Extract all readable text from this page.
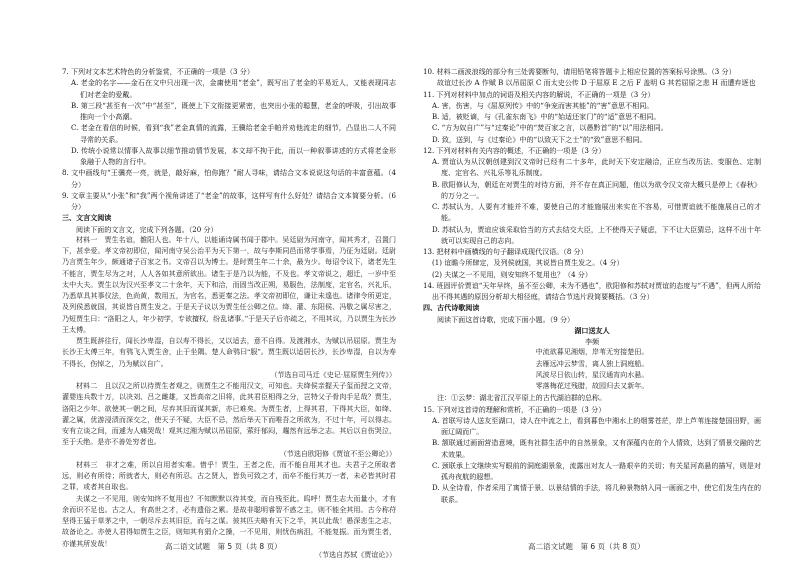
7. 下列对文本艺术特色的分析鉴赏，不正确的一项是（3 分）

A. 老金的名字——金石在文中只出现一次，金庸使用“老金”，既写出了老金的平易近人，又能表现同志们对老金的爱戴。

B. 第三段“甚至有一次”中“甚至”，既使上下文衔接更紧密，也突出小张的聪慧，老金的呼吸，引出故事推向一个小高潮。

C. 老金在看信的时候，看到“我”老金真情的流露，王骥给老金手帕并劝他流走的细节，凸显出二人不同寻常的关系。

D. 传统小说常以情事入故事以细节推动情节发展，本文却不拘于此，而以一种叙事讲述的方式将老金形象融于人物的言行中。

8. 文中画线句“王骥亮一亮，就是，敲好麻，怕你跑？”耐人寻味，请结合文本说说这句话的丰富意蕴。（4 分）

9. 文章主要从“小张”和“我”两个视角讲述了“老金”的故事，这样写有什么好处？请结合文本简要分析。（6 分）

三、文言文阅读

阅读下面的文言文，完成下列各题。（20 分）

材料一　贾生名谊，雒阳人也。年十八，以能诵诗属书闻于郡中。吴廷尉为河南守，闻其秀才，召置门下，甚幸爱。孝文帝初即位，闻河南守吴公治平为天下第一，故与李斯同邑而常学事焉，乃征为廷尉。廷尉乃言贾生年少，颇通诸子百家之书。文帝召以为博士。是时贾生年二十余，最为少。每诏令议下，诸老先生不能言，贾生尽为之对，人人各如其意所欲出。诸生于是乃以为能，不及也。孝文帝说之，超迁，一岁中至太中大夫。贾生以为汉兴至孝文二十余年，天下和洽，而固当改正朔，易服色，法制度，定官名，兴礼乐，乃悉草具其事仪法，色尚黄，数用五，为官名，悉更秦之法。孝文帝初即位，谦让未遑也。诸律令所更定，及列侯悉就国，其说皆自贾生发之。于是天子议以为贾生任公卿之位。绛、灌、东阳侯、冯敬之属尽害之，乃短贾生曰：“洛阳之人，年少初学，专欲擅权，纷乱诸事。”于是天子后亦疏之，不用其议，乃以贾生为长沙王太傅。

贾生既辞往行，闻长沙卑湿，自以寿不得长，又以适去，意不自得。及渡湘水，为赋以吊屈原。贾生为长沙王太傅三年，有鸮飞入贾生舍，止于坐隅。楚人命鸮曰“服”。贾生既以适居长沙，长沙卑湿，自以为寿不得长，伤悼之，乃为赋以自广。

（节选自司马迁《史记·屈原贾生列传》）

材料二　且以汉之所以待贾生者观之，则贾生之不能用汉文，可知也。夫绛侯亲握天子玺而授之文帝，灌婴连兵数十万，以决刘、吕之雌雄，又皆高帝之旧将，此其君臣相得之分，岂特父子骨肉手足哉？贾生，洛阳之少年。欲使其一朝之间，尽弃其旧而谋其新，亦已难矣。为贾生者，上得其君，下得其大臣，如绛、灌之属，优游浸渍而深交之，使天子不疑，大臣不忌，然后举天下而唯吾之所欲为，不过十年，可以得志。安有立谈之间，而遽为人痛哭哉！观其过湘为赋以吊屈原，萦纡郁闷，趯然有远举之志。其后以自伤哭泣，至于夭绝。是亦不善处穷者也。

（节选自欧阳修《贾谊不至公卿论》）

材料三　非才之难，所以自用者实难。惜乎！贾生，王者之佐，而不能自用其才也。夫君子之所取者远，则必有所待；所就者大，则必有所忍。古之贤人，皆负可致之才，而卒不能行其万一者，未必皆其时君之罪，或者其自取也。

夫谋之一不见用，则安知终不复用也？不知默默以待其变，而自残至此。呜呼！贾生志大而量小，才有余而识不足也。古之人，有高世之才，必有遗俗之累。是故非聪明睿智不惑之主，则不能全其用。古今称苻坚得王猛于草茅之中，一朝尽斥去其旧臣，而与之谋。彼其匹夫略有天下之半，其以此哉！愚深悲生之志，故备论之。亦使人君得如贾生之臣，则知其有狷介之操，一不见用，则忧伤病沮，不能复振。而为贾生者，亦谨其所发哉！

（节选自苏轼《贾谊论》）

10. 材料二画波浪线的部分有三处需要断句，请用铅笔将答题卡上相应位置的答案标号涂黑。（3 分）

故谊过长沙 A 作赋 B 以吊屈原 C 而太史公传 D 于屈原 E 之后 F 盖明 G 其若屈原之悲 H 而遭弃逐也

11. 下列对材料中加点的词语及相关内容的解说，不正确的一项是（3 分）

A. 害，伤害，与《屈原列传》中的“争宠而害其能”的“害”意思不相同。

B. 适，被贬谪，与《孔雀东南飞》中的“始适还家门”的“适”意思不相同。

C. “方为奴自广”与“过秦论”中的“焚百家之言，以愚黔首”的“以”用法相同。

D. 致，送到，与《过秦论》中的“以致天下之士”的“致”意思不相同。

12. 下列对材料有关内容的概述，不正确的一项是（3 分）

A. 贾谊认为从汉朝创建到汉文帝时已经有二十多年，此时天下安定融洽，正应当改历法、变服色、定制度、定官名、兴礼乐等礼乐制度。

B. 欧阳修认为，朝廷在对贾生的对待方面，并不存在真正问题，他以为欲令汉文帝大概只是停上《春秋》的万分之一。

C. 苏轼认为，人要有才能并不难，要使自己的才能施展出来实在不容易，可惜贾谊就不能施展自己的才能。

D. 苏轼认为，贾谊应该采取恰当的方式去结交大臣，上不使得天子疑虑，下不让大臣猜忌，这样不出十年就可以实现自己的志向。

13. 把材料中画横线的句子翻译成现代汉语。（8 分）

(1) 谊瞻今所肆定，及列侯就国，其说皆自贾生发之。（4 分）

(2) 夫谋之一不见用，则安知终不复用也？（4 分）

14. 班固评价贾谊“天年早终，虽不至公卿，未为不遇也”，欧阳修和苏轼对贾谊的态度与“不遇”，但两人所给出不得其遇的原因分析却大相径庭，请结合节选片段简要概括。（3 分）

四、古代诗歌阅读

阅读下面这首诗歌，完成下面小题。（9 分）

湖口送友人

李频

中流欲暮见湘烟，岸苇无穷接楚田。

去雁远冲云梦雪，离人独上洞庭船。

风波尽日依山转，星汉通宵向水悬。

零落梅花过残腊，故园归去又新年。

注：①云梦：湖北省江汉平原上的古代湖泊群的总称。

15. 下列对这首诗的理解和赏析，不正确的一项是（3 分）

A. 首联写诗人送友至湖口，诗人在中流之上，看到暮色中湘水上的烟雾苍茫，岸上芦苇连接楚国田野，画面辽阔而广。

B. 颔联通过画面营造意境，既有社群生活中的自然景象，又有深蕴内在的个人情致，达到了情景交融的艺术效果。

C. 颈联承上文继续实写眼前的洞庭湖景象，流露出对友人一路艰辛的关切；有关星河高悬的描写，则是对孤舟夜航的遐想。

D. 从全诗看，作者采用了寓情于景、以景结情的手法，将几种景物纳入同一画面之中，使它们发生内在的联系。

高二语文试题　第 5 页（共 8 页）	高二语文试题　第 6 页（共 8 页）
